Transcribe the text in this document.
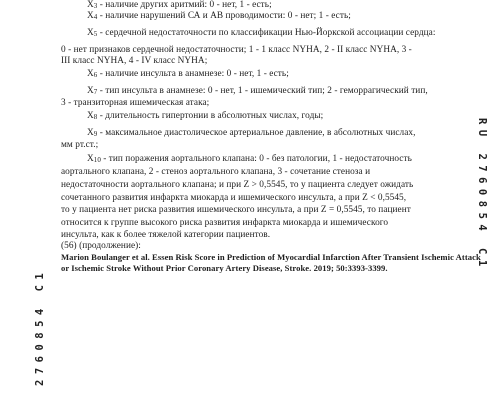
Х3 - наличие других аритмий: 0 - нет, 1 - есть;
Х4 - наличие нарушений СА и АВ проводимости: 0 - нет; 1 - есть;
Х5 - сердечной недостаточности по классификации Нью-Йоркской ассоциации сердца:
0 - нет признаков сердечной недостаточности; 1 - 1 класс NYHA, 2 - II класс NYHA, 3 -
III класс NYHA, 4 - IV класс NYHA;
Х6 - наличие инсульта в анамнезе: 0 - нет, 1 - есть;
Х7 - тип инсульта в анамнезе: 0 - нет, 1 - ишемический тип; 2 - геморрагический тип,
3 - транзиторная ишемическая атака;
Х8 - длительность гипертонии в абсолютных числах, годы;
Х9 - максимальное диастолическое артериальное давление, в абсолютных числах,
мм рт.ст.;
Х10 - тип поражения аортального клапана: 0 - без патологии, 1 - недостаточность
аортального клапана, 2 - стеноз аортального клапана, 3 - сочетание стеноза и
недостаточности аортального клапана; и при Z > 0,5545, то у пациента следует ожидать
сочетанного развития инфаркта миокарда и ишемического инсульта, а при Z < 0,5545,
то у пациента нет риска развития ишемического инсульта, а при Z = 0,5545, то пациент
относится к группе высокого риска развития инфаркта миокарда и ишемического
инсульта, как к более тяжелой категории пациентов.
(56) (продолжение):
Marion Boulanger et al. Essen Risk Score in Prediction of Myocardial Infarction After Transient Ischemic Attack
or Ischemic Stroke Without Prior Coronary Artery Disease, Stroke. 2019; 50:3393-3399.
2760854 C1
RU 2760854 C1
